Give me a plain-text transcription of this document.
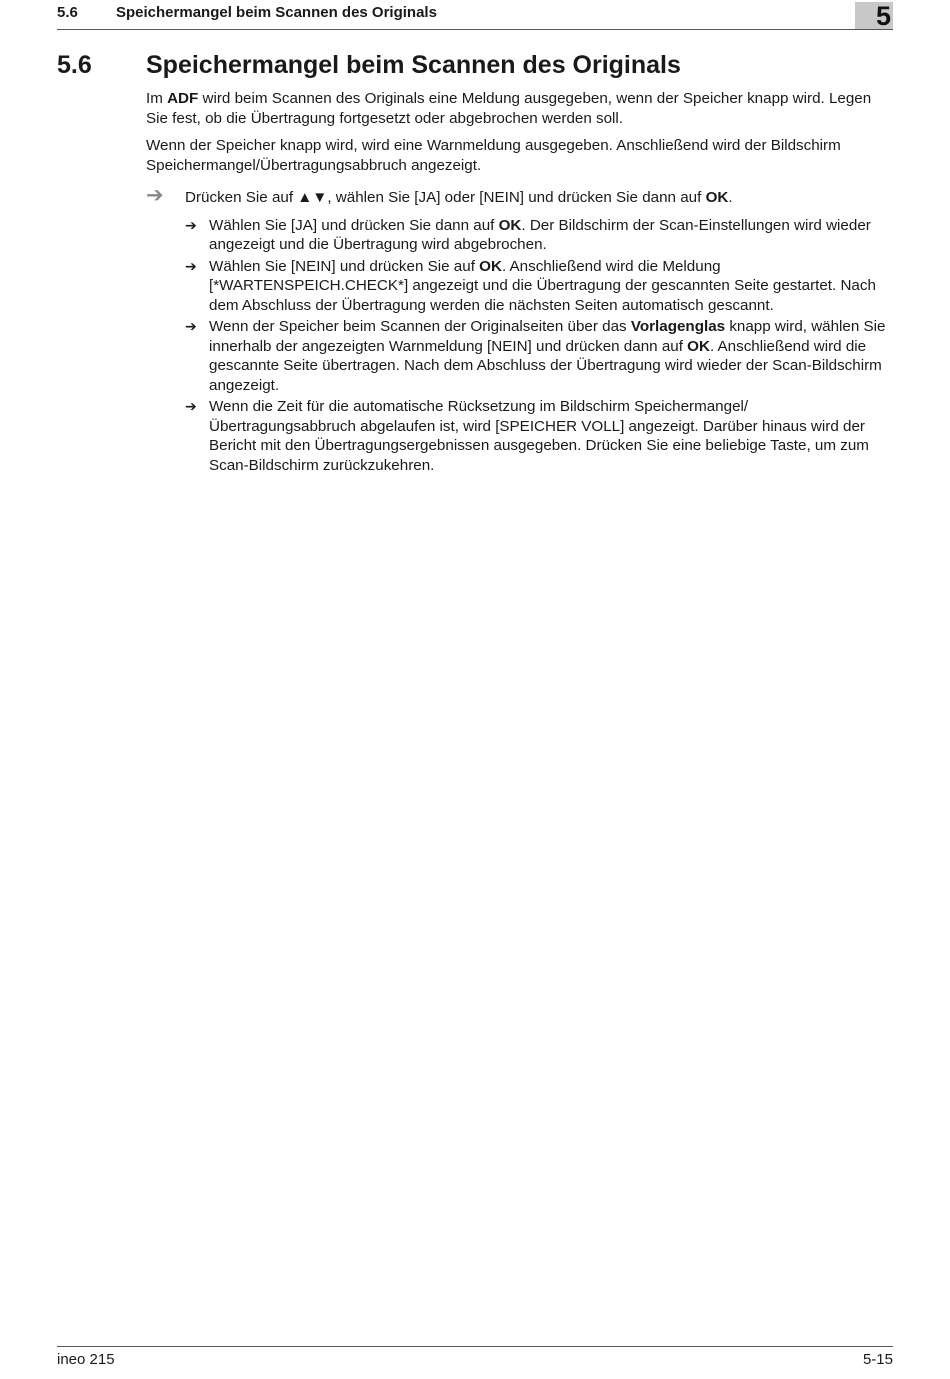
5.6	Speichermangel beim Scannen des Originals	5
5.6 Speichermangel beim Scannen des Originals

Im ADF wird beim Scannen des Originals eine Meldung ausgegeben, wenn der Speicher knapp wird. Legen Sie fest, ob die Übertragung fortgesetzt oder abgebrochen werden soll.

Wenn der Speicher knapp wird, wird eine Warnmeldung ausgegeben. Anschließend wird der Bildschirm Speichermangel/Übertragungsabbruch angezeigt.

➔ Drücken Sie auf ▲▼, wählen Sie [JA] oder [NEIN] und drücken Sie dann auf OK.
➔ Wählen Sie [JA] und drücken Sie dann auf OK. Der Bildschirm der Scan-Einstellungen wird wieder angezeigt und die Übertragung wird abgebrochen.
➔ Wählen Sie [NEIN] und drücken Sie auf OK. Anschließend wird die Meldung [*WARTENSPEICH.CHECK*] angezeigt und die Übertragung der gescannten Seite gestartet. Nach dem Abschluss der Übertragung werden die nächsten Seiten automatisch gescannt.
➔ Wenn der Speicher beim Scannen der Originalseiten über das Vorlagenglas knapp wird, wählen Sie innerhalb der angezeigten Warnmeldung [NEIN] und drücken dann auf OK. Anschließend wird die gescannte Seite übertragen. Nach dem Abschluss der Übertragung wird wieder der Scan-Bildschirm angezeigt.
➔ Wenn die Zeit für die automatische Rücksetzung im Bildschirm Speichermangel/ Übertragungsabbruch abgelaufen ist, wird [SPEICHER VOLL] angezeigt. Darüber hinaus wird der Bericht mit den Übertragungsergebnissen ausgegeben. Drücken Sie eine beliebige Taste, um zum Scan-Bildschirm zurückzukehren.
ineo 215	5-15
